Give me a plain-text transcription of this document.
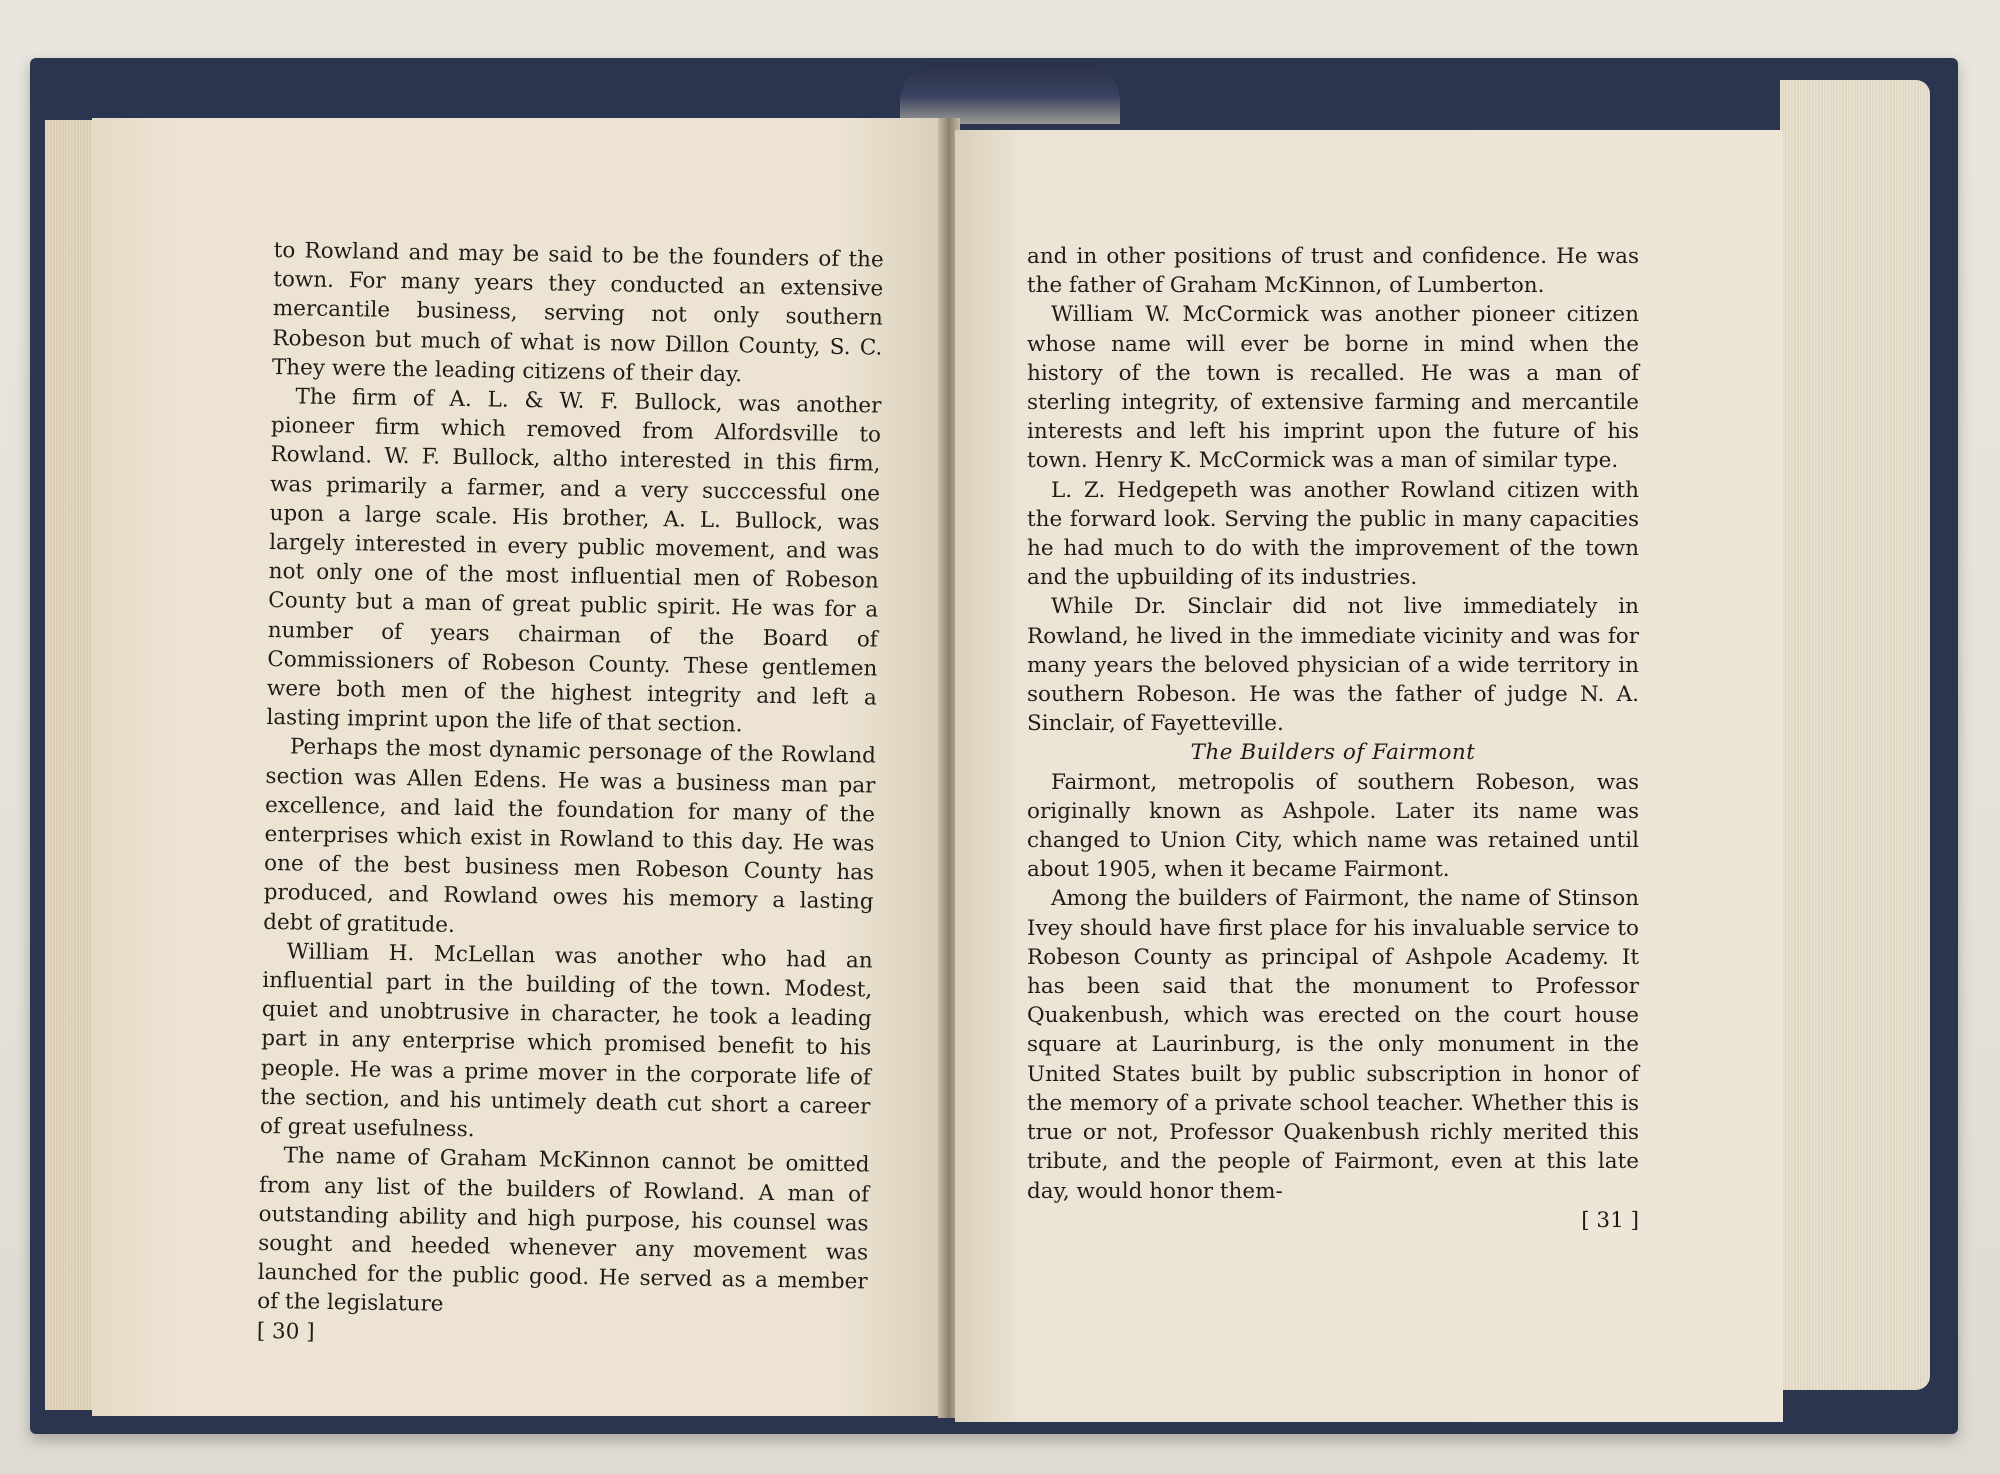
to Rowland and may be said to be the founders of the town. For many years they conducted an extensive mercantile business, serving not only southern Robeson but much of what is now Dillon County, S. C. They were the leading citizens of their day.

The firm of A. L. & W. F. Bullock, was another pioneer firm which removed from Alfordsville to Rowland. W. F. Bullock, altho interested in this firm, was primarily a farmer, and a very succcessful one upon a large scale. His brother, A. L. Bullock, was largely interested in every public movement, and was not only one of the most influential men of Robeson County but a man of great public spirit. He was for a number of years chairman of the Board of Commissioners of Robeson County. These gentlemen were both men of the highest integrity and left a lasting imprint upon the life of that section.

Perhaps the most dynamic personage of the Rowland section was Allen Edens. He was a business man par excellence, and laid the foundation for many of the enterprises which exist in Rowland to this day. He was one of the best business men Robeson County has produced, and Rowland owes his memory a lasting debt of gratitude.

William H. McLellan was another who had an influential part in the building of the town. Modest, quiet and unobtrusive in character, he took a leading part in any enterprise which promised benefit to his people. He was a prime mover in the corporate life of the section, and his untimely death cut short a career of great usefulness.

The name of Graham McKinnon cannot be omitted from any list of the builders of Rowland. A man of outstanding ability and high purpose, his counsel was sought and heeded whenever any movement was launched for the public good. He served as a member of the legislature

[ 30 ]

and in other positions of trust and confidence. He was the father of Graham McKinnon, of Lumberton.

William W. McCormick was another pioneer citizen whose name will ever be borne in mind when the history of the town is recalled. He was a man of sterling integrity, of extensive farming and mercantile interests and left his imprint upon the future of his town. Henry K. McCormick was a man of similar type.

L. Z. Hedgepeth was another Rowland citizen with the forward look. Serving the public in many capacities he had much to do with the improvement of the town and the upbuilding of its industries.

While Dr. Sinclair did not live immediately in Rowland, he lived in the immediate vicinity and was for many years the beloved physician of a wide territory in southern Robeson. He was the father of judge N. A. Sinclair, of Fayetteville.

The Builders of Fairmont

Fairmont, metropolis of southern Robeson, was originally known as Ashpole. Later its name was changed to Union City, which name was retained until about 1905, when it became Fairmont.

Among the builders of Fairmont, the name of Stinson Ivey should have first place for his invaluable service to Robeson County as principal of Ashpole Academy. It has been said that the monument to Professor Quakenbush, which was erected on the court house square at Laurinburg, is the only monument in the United States built by public subscription in honor of the memory of a private school teacher. Whether this is true or not, Professor Quakenbush richly merited this tribute, and the people of Fairmont, even at this late day, would honor them-

[ 31 ]
